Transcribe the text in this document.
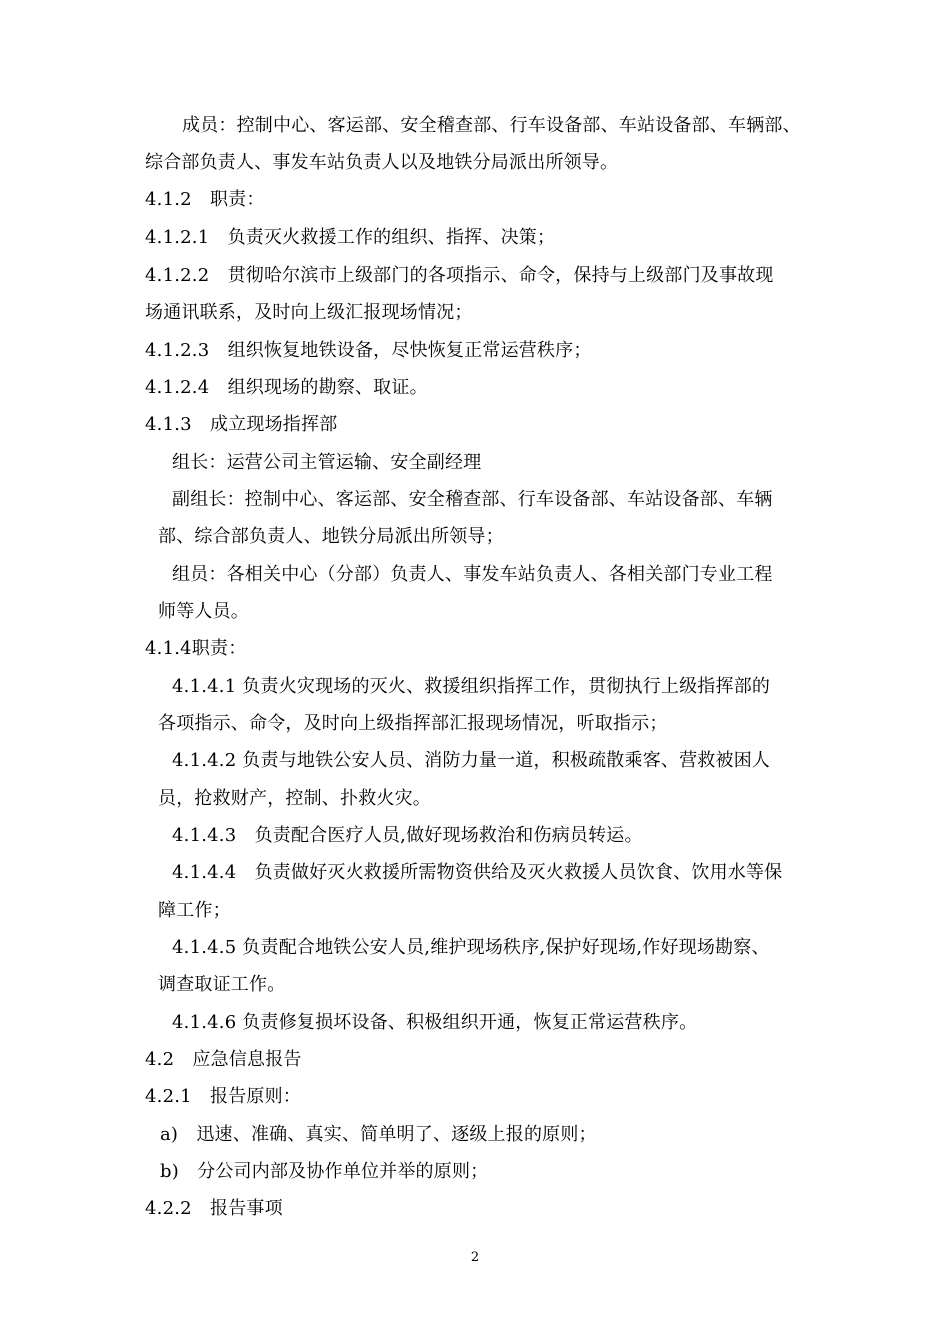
成员：控制中心、客运部、安全稽查部、行车设备部、车站设备部、车辆部、
综合部负责人、事发车站负责人以及地铁分局派出所领导。
4.1.2　职责：
4.1.2.1　负责灭火救援工作的组织、指挥、决策；
4.1.2.2　贯彻哈尔滨市上级部门的各项指示、命令，保持与上级部门及事故现
场通讯联系，及时向上级汇报现场情况；
4.1.2.3　组织恢复地铁设备，尽快恢复正常运营秩序；
4.1.2.4　组织现场的勘察、取证。
4.1.3　成立现场指挥部
组长：运营公司主管运输、安全副经理
副组长：控制中心、客运部、安全稽查部、行车设备部、车站设备部、车辆
部、综合部负责人、地铁分局派出所领导；
组员：各相关中心（分部）负责人、事发车站负责人、各相关部门专业工程
师等人员。
4.1.4职责：
4.1.4.1 负责火灾现场的灭火、救援组织指挥工作，贯彻执行上级指挥部的
各项指示、命令，及时向上级指挥部汇报现场情况，听取指示；
4.1.4.2 负责与地铁公安人员、消防力量一道，积极疏散乘客、营救被困人
员，抢救财产，控制、扑救火灾。
4.1.4.3　负责配合医疗人员,做好现场救治和伤病员转运。
4.1.4.4　负责做好灭火救援所需物资供给及灭火救援人员饮食、饮用水等保
障工作；
4.1.4.5 负责配合地铁公安人员,维护现场秩序,保护好现场,作好现场勘察、
调查取证工作。
4.1.4.6 负责修复损坏设备、积极组织开通，恢复正常运营秩序。
4.2　应急信息报告
4.2.1　报告原则：
a)　迅速、准确、真实、简单明了、逐级上报的原则；
b)　分公司内部及协作单位并举的原则；
4.2.2　报告事项
2
